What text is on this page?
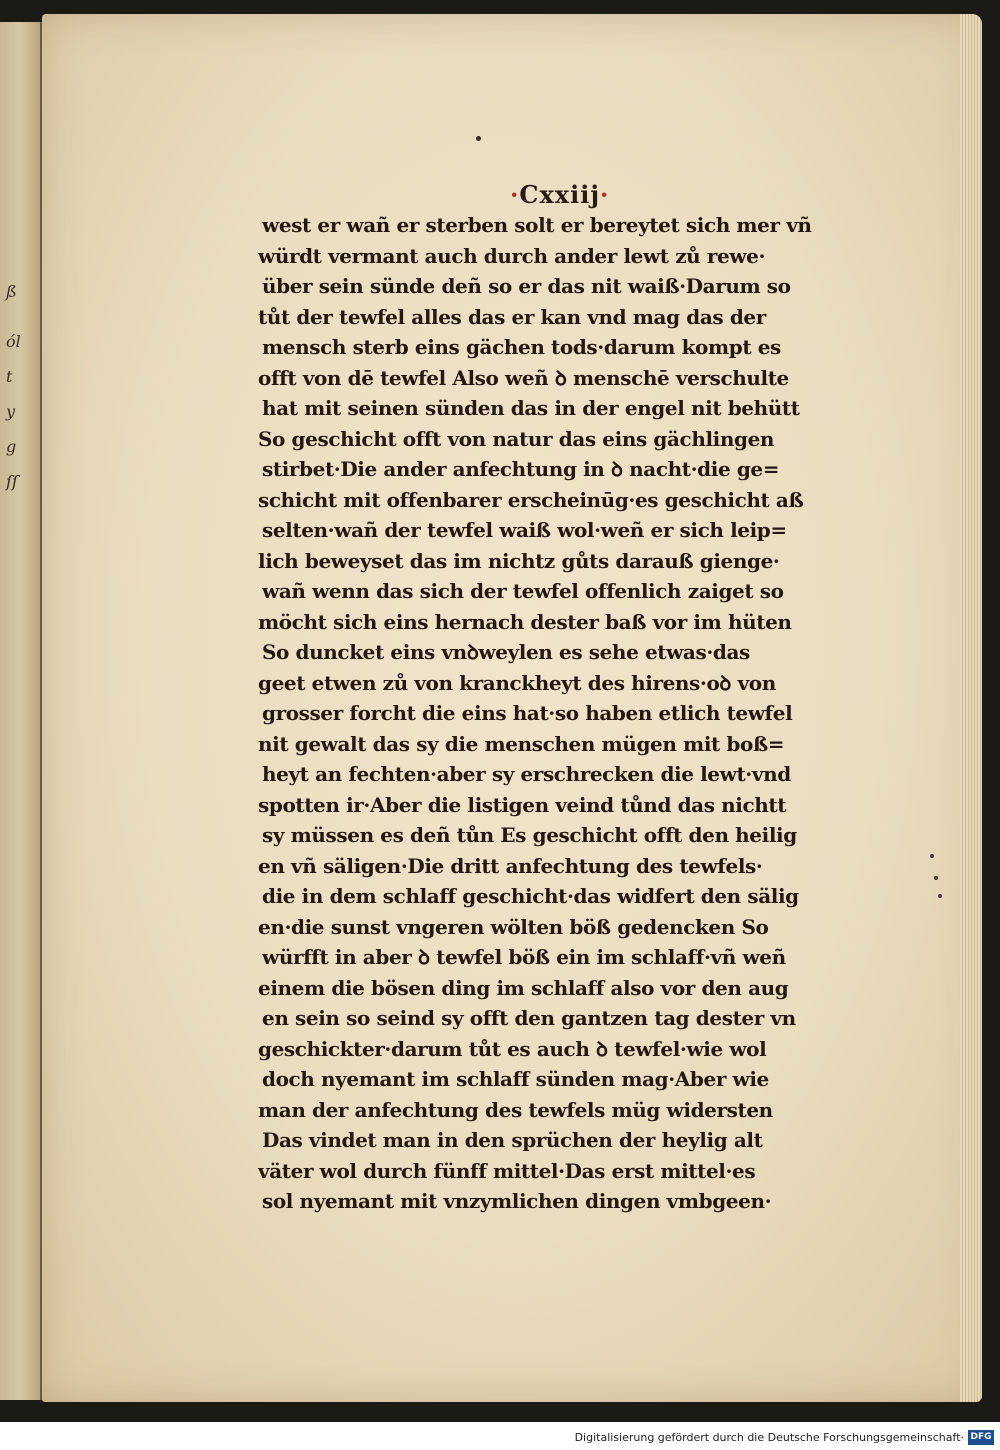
ß
ól
t
y
g
ſſ
·Cxxiij·
west er wañ er sterben solt er bereytet sich mer vñ
würdt vermant auch durch ander lewt zů rewe·
über sein sünde deñ so er das nit waiß·Darum so
tůt der tewfel alles das er kan vnd mag das der
mensch sterb eins gächen tods·darum kompt es
offt von dē tewfel Also weñ ꝺ menschē verschulte
hat mit seinen sünden das in der engel nit behütt
So geschicht offt von natur das eins gächlingen
stirbet·Die ander anfechtung in ꝺ nacht·die ge=
schicht mit offenbarer erscheinūg·es geschicht aß
selten·wañ der tewfel waiß wol·weñ er sich leip=
lich beweyset das im nichtz gůts darauß gienge·
wañ wenn das sich der tewfel offenlich zaiget so
möcht sich eins hernach dester baß vor im hüten
So duncket eins vnꝺweylen es sehe etwas·das
geet etwen zů von kranckheyt des hirens·oꝺ von
grosser forcht die eins hat·so haben etlich tewfel
nit gewalt das sy die menschen mügen mit boß=
heyt an fechten·aber sy erschrecken die lewt·vnd
spotten ir·Aber die listigen veind tůnd das nichtt
sy müssen es deñ tůn Es geschicht offt den heilig
en vñ säligen·Die dritt anfechtung des tewfels·
die in dem schlaff geschicht·das widfert den sälig
en·die sunst vngeren wölten böß gedencken So
würfft in aber ꝺ tewfel böß ein im schlaff·vñ weñ
einem die bösen ding im schlaff also vor den aug
en sein so seind sy offt den gantzen tag dester vn
geschickter·darum tůt es auch ꝺ tewfel·wie wol
doch nyemant im schlaff sünden mag·Aber wie
man der anfechtung des tewfels müg widersten
Das vindet man in den sprüchen der heylig alt
väter wol durch fünff mittel·Das erst mittel·es
sol nyemant mit vnzymlichen dingen vmbgeen·
Digitalisierung gefördert durch die Deutsche Forschungsgemeinschaft· DFG
